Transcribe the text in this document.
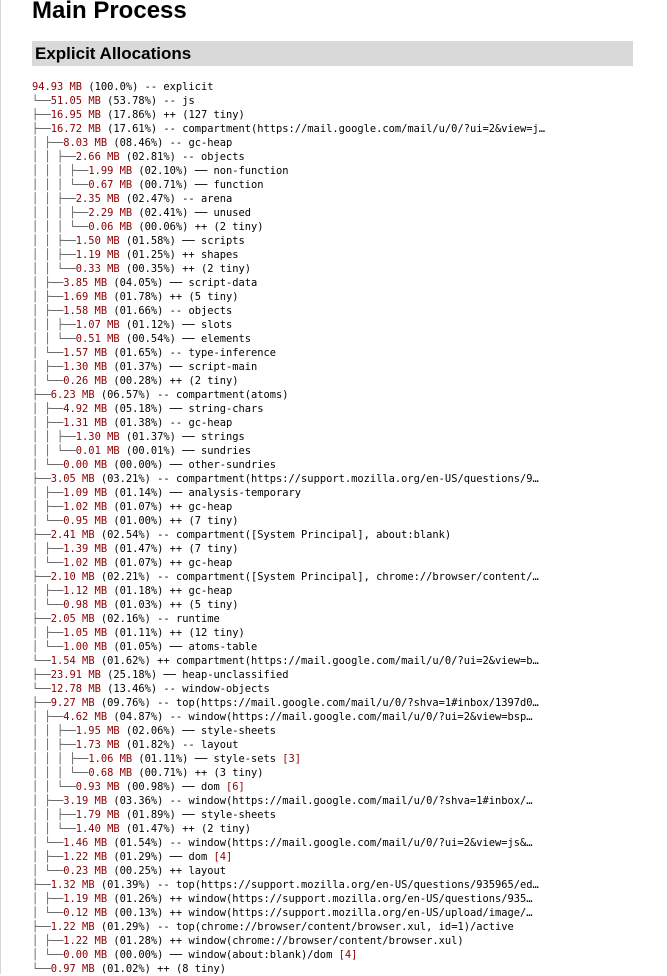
Main Process
Explicit Allocations
94.93 MB (100.0%) -- explicit
└──51.05 MB (53.78%) -- js
├──16.95 MB (17.86%) ++ (127 tiny)
├──16.72 MB (17.61%) -- compartment(https://mail.google.com/mail/u/0/?ui=2&view=j …
│ ├──8.03 MB (08.46%) -- gc-heap
│ │ ├──2.66 MB (02.81%) -- objects
│ │ │ ├──1.99 MB (02.10%) ── non-function
│ │ │ └──0.67 MB (00.71%) ── function
│ │ ├──2.35 MB (02.47%) -- arena
│ │ │ ├──2.29 MB (02.41%) ── unused
│ │ │ └──0.06 MB (00.06%) ++ (2 tiny)
│ │ ├──1.50 MB (01.58%) ── scripts
│ │ ├──1.19 MB (01.25%) ++ shapes
│ │ └──0.33 MB (00.35%) ++ (2 tiny)
│ ├──3.85 MB (04.05%) ── script-data
│ ├──1.69 MB (01.78%) ++ (5 tiny)
│ ├──1.58 MB (01.66%) -- objects
│ │ ├──1.07 MB (01.12%) ── slots
│ │ └──0.51 MB (00.54%) ── elements
│ └──1.57 MB (01.65%) -- type-inference
│ ├──1.30 MB (01.37%) ── script-main
│ └──0.26 MB (00.28%) ++ (2 tiny)
├──6.23 MB (06.57%) -- compartment(atoms)
│ ├──4.92 MB (05.18%) ── string-chars
│ ├──1.31 MB (01.38%) -- gc-heap
│ │ ├──1.30 MB (01.37%) ── strings
│ │ └──0.01 MB (00.01%) ── sundries
│ └──0.00 MB (00.00%) ── other-sundries
├──3.05 MB (03.21%) -- compartment(https://support.mozilla.org/en-US/questions/9 …
│ ├──1.09 MB (01.14%) ── analysis-temporary
│ ├──1.02 MB (01.07%) ++ gc-heap
│ └──0.95 MB (01.00%) ++ (7 tiny)
├──2.41 MB (02.54%) -- compartment([System Principal], about:blank)
│ ├──1.39 MB (01.47%) ++ (7 tiny)
│ └──1.02 MB (01.07%) ++ gc-heap
├──2.10 MB (02.21%) -- compartment([System Principal], chrome://browser/content/ …
│ ├──1.12 MB (01.18%) ++ gc-heap
│ └──0.98 MB (01.03%) ++ (5 tiny)
├──2.05 MB (02.16%) -- runtime
│ ├──1.05 MB (01.11%) ++ (12 tiny)
│ └──1.00 MB (01.05%) ── atoms-table
└──1.54 MB (01.62%) ++ compartment(https://mail.google.com/mail/u/0/?ui=2&view=b …
├──23.91 MB (25.18%) ── heap-unclassified
└──12.78 MB (13.46%) -- window-objects
├──9.27 MB (09.76%) -- top(https://mail.google.com/mail/u/0/?shva=1#inbox/1397d0 …
│ ├──4.62 MB (04.87%) -- window(https://mail.google.com/mail/u/0/?ui=2&view=bsp …
│ │ ├──1.95 MB (02.06%) ── style-sheets
│ │ ├──1.73 MB (01.82%) -- layout
│ │ │ ├──1.06 MB (01.11%) ── style-sets [3]
│ │ │ └──0.68 MB (00.71%) ++ (3 tiny)
│ │ └──0.93 MB (00.98%) ── dom [6]
│ ├──3.19 MB (03.36%) -- window(https://mail.google.com/mail/u/0/?shva=1#inbox/ …
│ │ ├──1.79 MB (01.89%) ── style-sheets
│ │ └──1.40 MB (01.47%) ++ (2 tiny)
│ └──1.46 MB (01.54%) -- window(https://mail.google.com/mail/u/0/?ui=2&view=js& …
│ ├──1.22 MB (01.29%) ── dom [4]
│ └──0.23 MB (00.25%) ++ layout
├──1.32 MB (01.39%) -- top(https://support.mozilla.org/en-US/questions/935965/ed …
│ ├──1.19 MB (01.26%) ++ window(https://support.mozilla.org/en-US/questions/935 …
│ └──0.12 MB (00.13%) ++ window(https://support.mozilla.org/en-US/upload/image/ …
├──1.22 MB (01.29%) -- top(chrome://browser/content/browser.xul, id=1)/active
│ ├──1.22 MB (01.28%) ++ window(chrome://browser/content/browser.xul)
│ └──0.00 MB (00.00%) ── window(about:blank)/dom [4]
└──0.97 MB (01.02%) ++ (8 tiny)
